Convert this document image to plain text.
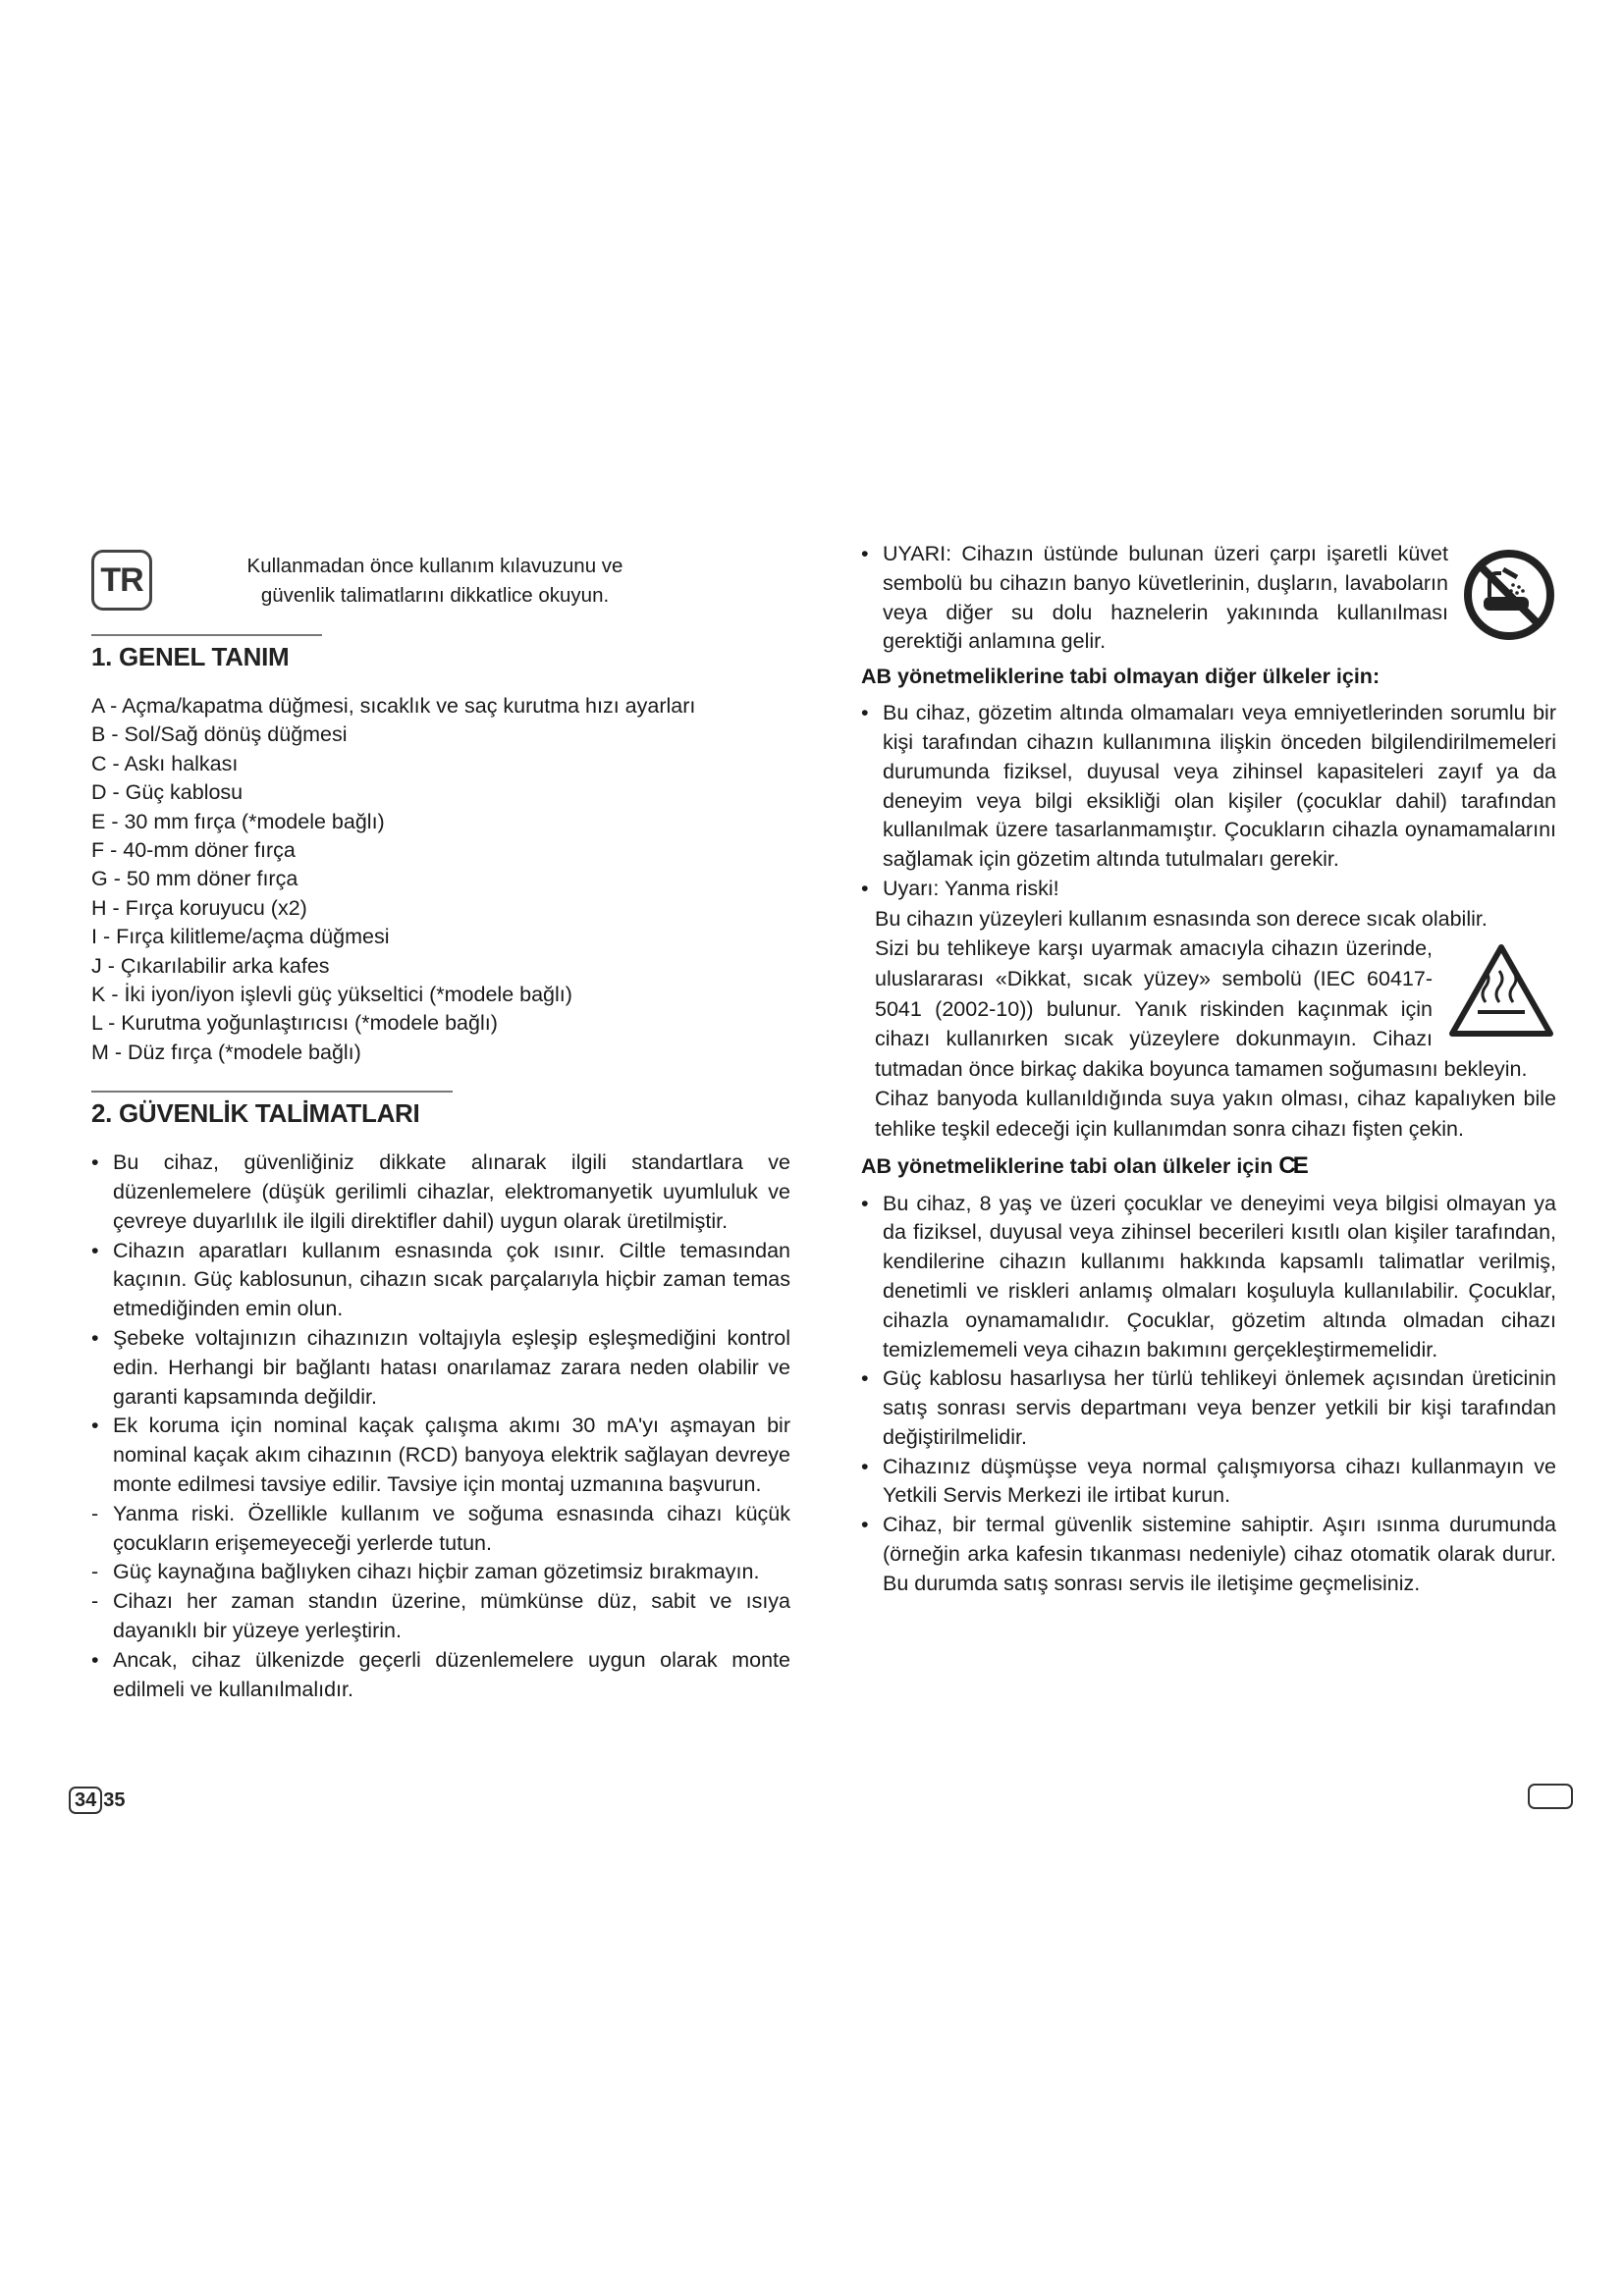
TR	Kullanmadan önce kullanım kılavuzunu ve güvenlik talimatlarını dikkatlice okuyun.
1. GENEL TANIM
A - Açma/kapatma düğmesi, sıcaklık ve saç kurutma hızı ayarları
B - Sol/Sağ dönüş düğmesi
C - Askı halkası
D - Güç kablosu
E - 30 mm fırça (*modele bağlı)
F - 40-mm döner fırça
G - 50 mm döner fırça
H - Fırça koruyucu (x2)
I - Fırça kilitleme/açma düğmesi
J - Çıkarılabilir arka kafes
K - İki iyon/iyon işlevli güç yükseltici (*modele bağlı)
L - Kurutma yoğunlaştırıcısı (*modele bağlı)
M - Düz fırça (*modele bağlı)
2. GÜVENLİK TALİMATLARI
• Bu cihaz, güvenliğiniz dikkate alınarak ilgili standartlara ve düzenlemelere (düşük gerilimli cihazlar, elektromanyetik uyumluluk ve çevreye duyarlılık ile ilgili direktifler dahil) uygun olarak üretilmiştir.
• Cihazın aparatları kullanım esnasında çok ısınır. Ciltle temasından kaçının. Güç kablosunun, cihazın sıcak parçalarıyla hiçbir zaman temas etmediğinden emin olun.
• Şebeke voltajınızın cihazınızın voltajıyla eşleşip eşleşmediğini kontrol edin. Herhangi bir bağlantı hatası onarılamaz zarara neden olabilir ve garanti kapsamında değildir.
• Ek koruma için nominal kaçak çalışma akımı 30 mA'yı aşmayan bir nominal kaçak akım cihazının (RCD) banyoya elektrik sağlayan devreye monte edilmesi tavsiye edilir. Tavsiye için montaj uzmanına başvurun.
- Yanma riski. Özellikle kullanım ve soğuma esnasında cihazı küçük çocukların erişemeyeceği yerlerde tutun.
- Güç kaynağına bağlıyken cihazı hiçbir zaman gözetimsiz bırakmayın.
- Cihazı her zaman standın üzerine, mümkünse düz, sabit ve ısıya dayanıklı bir yüzeye yerleştirin.
• Ancak, cihaz ülkenizde geçerli düzenlemelere uygun olarak monte edilmeli ve kullanılmalıdır.
• UYARI: Cihazın üstünde bulunan üzeri çarpı işaretli küvet sembolü bu cihazın banyo küvetlerinin, duşların, lavaboların veya diğer su dolu haznelerin yakınında kullanılması gerektiği anlamına gelir.
AB yönetmeliklerine tabi olmayan diğer ülkeler için:
• Bu cihaz, gözetim altında olmamaları veya emniyetlerinden sorumlu bir kişi tarafından cihazın kullanımına ilişkin önceden bilgilendirilmemeleri durumunda fiziksel, duyusal veya zihinsel kapasiteleri zayıf ya da deneyim veya bilgi eksikliği olan kişiler (çocuklar dahil) tarafından kullanılmak üzere tasarlanmamıştır. Çocukların cihazla oynamamalarını sağlamak için gözetim altında tutulmaları gerekir.
• Uyarı: Yanma riski!
Bu cihazın yüzeyleri kullanım esnasında son derece sıcak olabilir.
Sizi bu tehlikeye karşı uyarmak amacıyla cihazın üzerinde, uluslararası «Dikkat, sıcak yüzey» sembolü (IEC 60417-5041 (2002-10)) bulunur. Yanık riskinden kaçınmak için cihazı kullanırken sıcak yüzeylere dokunmayın. Cihazı tutmadan önce birkaç dakika boyunca tamamen soğumasını bekleyin.
Cihaz banyoda kullanıldığında suya yakın olması, cihaz kapalıyken bile tehlike teşkil edeceği için kullanımdan sonra cihazı fişten çekin.
AB yönetmeliklerine tabi olan ülkeler için CE
• Bu cihaz, 8 yaş ve üzeri çocuklar ve deneyimi veya bilgisi olmayan ya da fiziksel, duyusal veya zihinsel becerileri kısıtlı olan kişiler tarafından, kendilerine cihazın kullanımı hakkında kapsamlı talimatlar verilmiş, denetimli ve riskleri anlamış olmaları koşuluyla kullanılabilir. Çocuklar, cihazla oynamamalıdır. Çocuklar, gözetim altında olmadan cihazı temizlememeli veya cihazın bakımını gerçekleştirmemelidir.
• Güç kablosu hasarlıysa her türlü tehlikeyi önlemek açısından üreticinin satış sonrası servis departmanı veya benzer yetkili bir kişi tarafından değiştirilmelidir.
• Cihazınız düşmüşse veya normal çalışmıyorsa cihazı kullanmayın ve Yetkili Servis Merkezi ile irtibat kurun.
• Cihaz, bir termal güvenlik sistemine sahiptir. Aşırı ısınma durumunda (örneğin arka kafesin tıkanması nedeniyle) cihaz otomatik olarak durur. Bu durumda satış sonrası servis ile iletişime geçmelisiniz.
34 35
